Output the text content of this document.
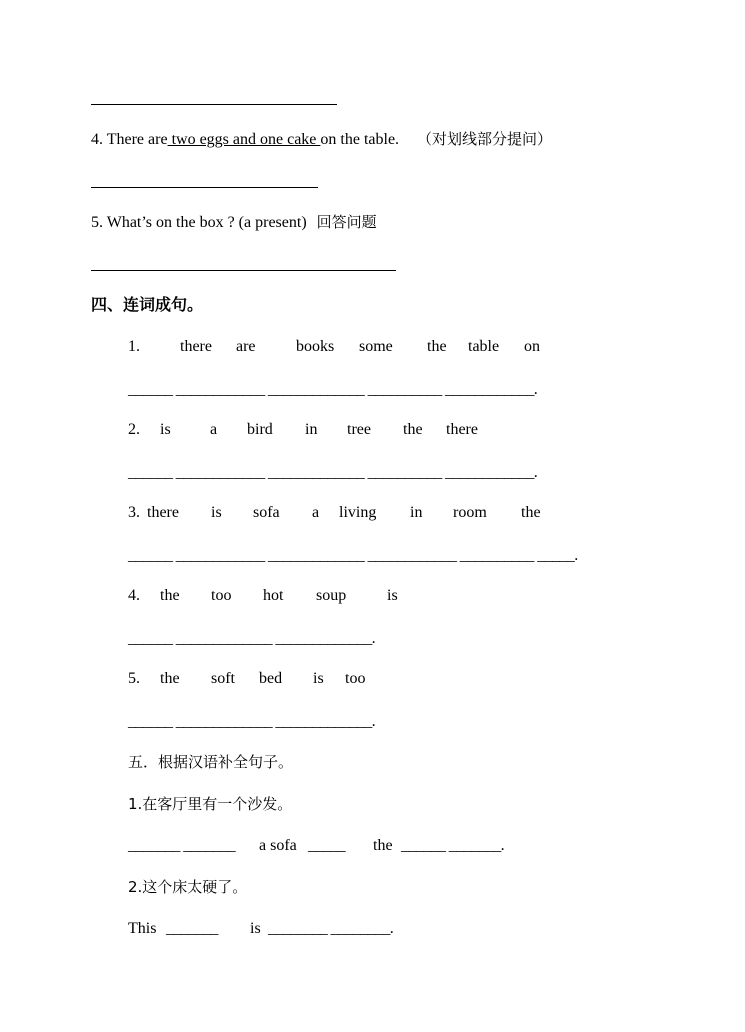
4. There are two eggs and one cake on the table. （对划线部分提问）
5. What’s on the box ? (a present) 回答问题
四、连词成句。
1.	there are	books some the table on
______ ____________ _____________ __________ ____________.
2. is a bird in tree the there
______ ____________ _____________ __________ ____________.
3. there is sofa a living in room the
______ ____________ _____________ ____________ __________ _____.
4. the too hot soup	is
______ _____________ _____________.
5. the soft bed is too
______ _____________ _____________.
五．根据汉语补全句子。
1.在客厅里有一个沙发。
_______ _______ a sofa _____ the ______ _______.
2.这个床太硬了。
This _______ is ________ ________.
